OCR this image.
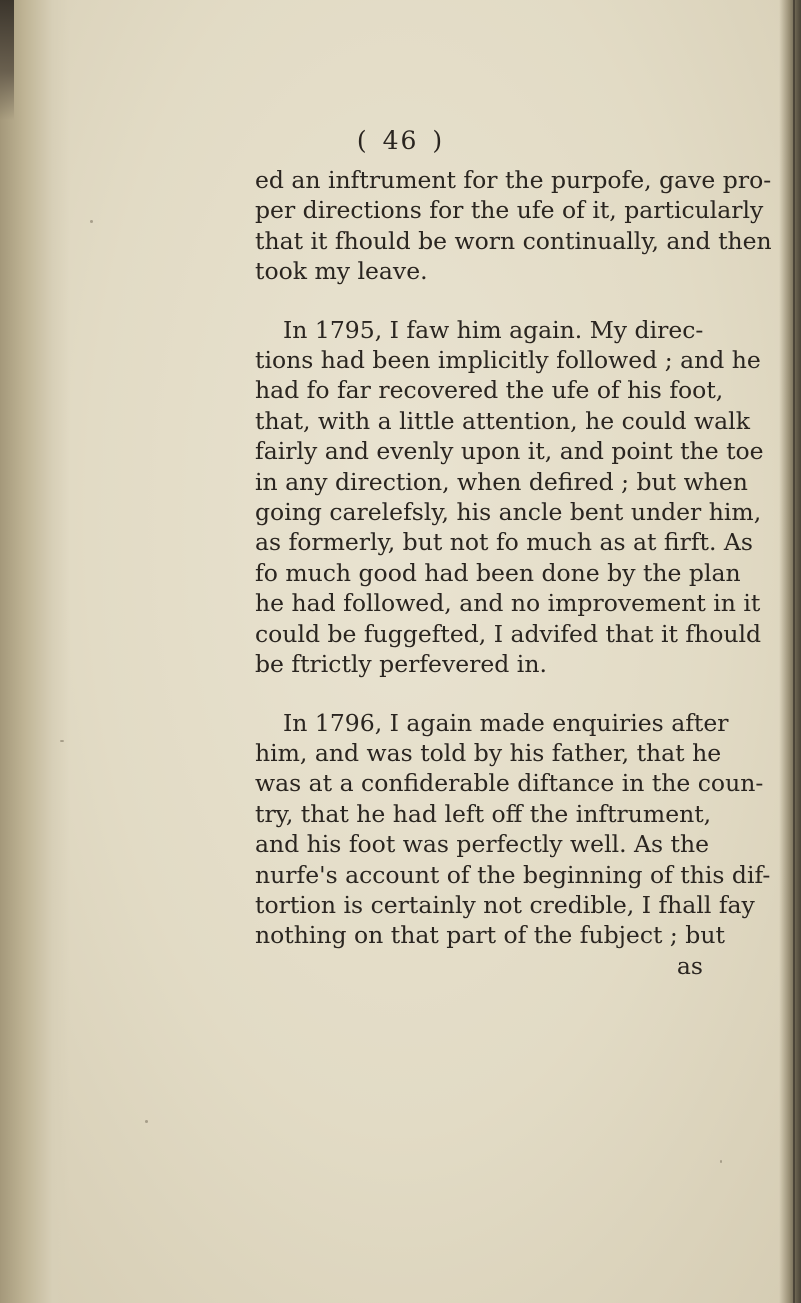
( 46 )
ed an inftrument for the purpofe, gave pro-
per directions for the ufe of it, particularly
that it fhould be worn continually, and then
took my leave.
In 1795, I faw him again. My direc-
tions had been implicitly followed ; and he
had fo far recovered the ufe of his foot,
that, with a little attention, he could walk
fairly and evenly upon it, and point the toe
in any direction, when defired ; but when
going carelefsly, his ancle bent under him,
as formerly, but not fo much as at firft. As
fo much good had been done by the plan
he had followed, and no improvement in it
could be fuggefted, I advifed that it fhould
be ftrictly perfevered in.
In 1796, I again made enquiries after
him, and was told by his father, that he
was at a confiderable diftance in the coun-
try, that he had left off the inftrument,
and his foot was perfectly well. As the
nurfe's account of the beginning of this dif-
tortion is certainly not credible, I fhall fay
nothing on that part of the fubject ; but
as
